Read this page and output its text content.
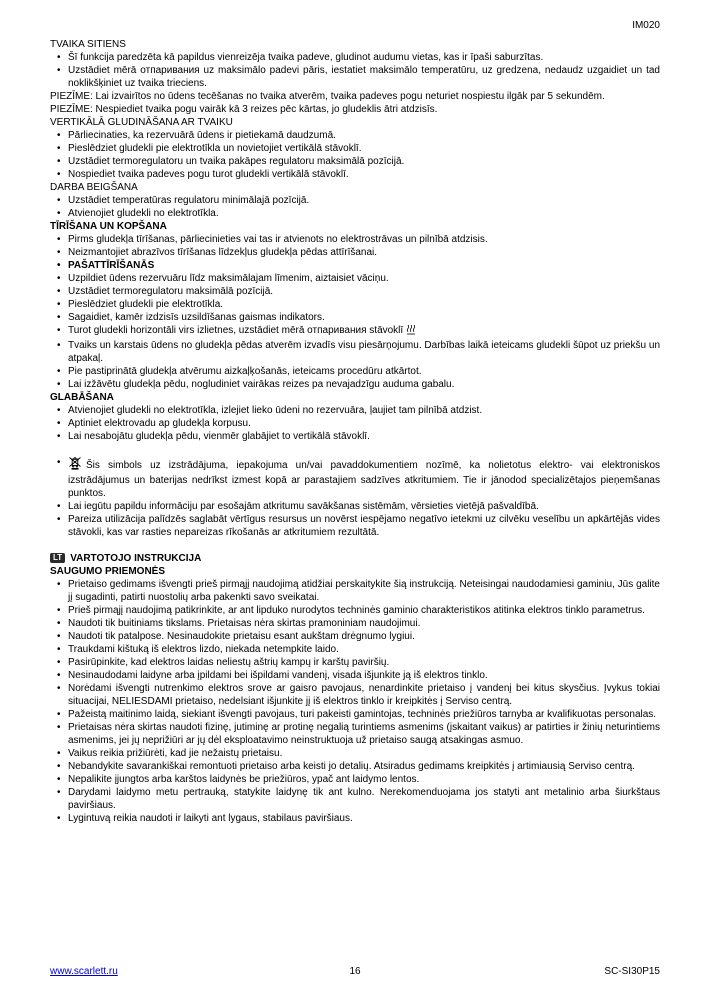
IM020
TVAIKA SITIENS
• Šī funkcija paredzēta kā papildus vienreizēja tvaika padeve, gludinot audumu vietas, kas ir īpaši saburzītas.
• Uzstādiet mērā отпаривания uz maksimālo padevi pāris, iestatiet maksimālo temperatūru, uz gredzena, nedaudz uzgaidiet un tad noklikšķiniet uz tvaika trieciens.
PIEZĪME: Lai izvairītos no ūdens tecēšanas no tvaika atverēm, tvaika padeves pogu neturiet nospiestu ilgāk par 5 sekundēm.
PIEZĪME: Nespiediet tvaika pogu vairāk kā 3 reizes pēc kārtas, jo gludeklis ātri atdzisīs.
VERTIKĀLĀ GLUDINĀŠANA AR TVAIKU
• Pārliecinaties, ka rezervuārā ūdens ir pietiekamā daudzumā.
• Pieslēdziet gludekli pie elektrotīkla un novietojiet vertikālā stāvoklī.
• Uzstādiet termoregulatoru un tvaika pakāpes regulatoru maksimālā pozīcijā.
• Nospiediet tvaika padeves pogu turot gludekli vertikālā stāvoklī.
DARBA BEIGŠANA
• Uzstādiet temperatūras regulatoru minimālajā pozīcijā.
• Atvienojiet gludekli no elektrotīkla.
TĪRĪŠANA UN KOPŠANA
• Pirms gludekļa tīrīšanas, pārliecinieties vai tas ir atvienots no elektrostrāvas un pilnībā atdzisis.
• Neizmantojiet abrazīvos tīrīšanas līdzekļus gludekļa pēdas attīrīšanai.
• PAŠATTĪRĪŠANĀS
• Uzpildiet ūdens rezervuāru līdz maksimālajam līmenim, aiztaisiet vāciņu.
• Uzstādiet termoregulatoru maksimālā pozīcijā.
• Pieslēdziet gludekli pie elektrotīkla.
• Sagaidiet, kamēr izdzisīs uzsildīšanas gaismas indikators.
• Turot gludekli horizontāli virs izlietnes, uzstādiet mērā отпаривания stāvoklī
• Tvaiks un karstais ūdens no gludekļa pēdas atverēm izvadīs visu piesārņojumu. Darbības laikā ieteicams gludekli šūpot uz priekšu un atpakaļ.
• Pie pastiprinātā gludekļa atvērumu aizkaļķošanās, ieteicams procedūru atkārtot.
• Lai izžāvētu gludekļa pēdu, nogludiniet vairākas reizes pa nevajadzīgu auduma gabalu.
GLABĀŠANA
• Atvienojiet gludekli no elektrotīkla, izlejiet lieko ūdeni no rezervuāra, ļaujiet tam pilnībā atdzist.
• Aptiniet elektrovadu ap gludekļa korpusu.
• Lai nesabojātu gludekļa pēdu, vienmēr glabājiet to vertikālā stāvoklī.
• Šis simbols uz izstrādājuma, iepakojuma un/vai pavaddokumentiem nozīmē, ka nolietotus elektro- vai elektroniskos izstrādājumus un baterijas nedrīkst izmest kopā ar parastajiem sadzīves atkritumiem. Tie ir jānodod specializētajos pieņemšanas punktos.
• Lai iegūtu papildu informāciju par esošajām atkritumu savākšanas sistēmām, vērsieties vietējā pašvaldībā.
• Pareiza utilizācija palīdzēs saglabāt vērtīgus resursus un novērst iespējamo negatīvo ietekmi uz cilvēku veselību un apkārtējās vides stāvokli, kas var rasties nepareizas rīkošanās ar atkritumiem rezultātā.
LT VARTOTOJO INSTRUKCIJA
SAUGUMO PRIEMONĖS
• Prietaiso gedimams išvengti prieš pirmąjį naudojimą atidžiai perskaitykite šią instrukciją. Neteisingai naudodamiesi gaminiu, Jūs galite jį sugadinti, patirti nuostolių arba pakenkti savo sveikatai.
• Prieš pirmąjį naudojimą patikrinkite, ar ant lipduko nurodytos techninės gaminio charakteristikos atitinka elektros tinklo parametrus.
• Naudoti tik buitiniams tikslams. Prietaisas nėra skirtas pramoniniam naudojimui.
• Naudoti tik patalpose. Nesinaudokite prietaisu esant aukštam drėgnumo lygiui.
• Traukdami kištuką iš elektros lizdo, niekada netempkite laido.
• Pasirūpinkite, kad elektros laidas neliestų aštrių kampų ir karštų paviršių.
• Nesinaudodami laidyne arba įpildami bei išpildami vandenį, visada išjunkite ją iš elektros tinklo.
• Norėdami išvengti nutrenkimo elektros srove ar gaisro pavojaus, nenardinkite prietaiso į vandenį bei kitus skysčius. Įvykus tokiai situacijai, NELIESDAMI prietaiso, nedelsiant išjunkite jį iš elektros tinklo ir kreipkitės į Serviso centrą.
• Pažeistą maitinimo laidą, siekiant išvengti pavojaus, turi pakeisti gamintojas, techninės priežiūros tarnyba ar kvalifikuotas personalas.
• Prietaisas nėra skirtas naudoti fizinę, jutiminę ar protinę negalią turintiems asmenims (įskaitant vaikus) ar patirties ir žinių neturintiems asmenims, jei jų neprižiūri ar jų dėl eksploatavimo neinstruktuoja už prietaiso saugą atsakingas asmuo.
• Vaikus reikia prižiūrėti, kad jie nežaistų prietaisu.
• Nebandykite savarankiškai remontuoti prietaiso arba keisti jo detalių. Atsiradus gedimams kreipkitės į artimiausią Serviso centrą.
• Nepalikite įjungtos arba karštos laidynės be priežiūros, ypač ant laidymo lentos.
• Darydami laidymo metu pertrauką, statykite laidynę tik ant kulno. Nerekomenduojama jos statyti ant metalinio arba šiurkštaus paviršiaus.
• Lygintuvą reikia naudoti ir laikyti ant lygaus, stabilaus paviršiaus.
www.scarlett.ru	16	SC-SI30P15
